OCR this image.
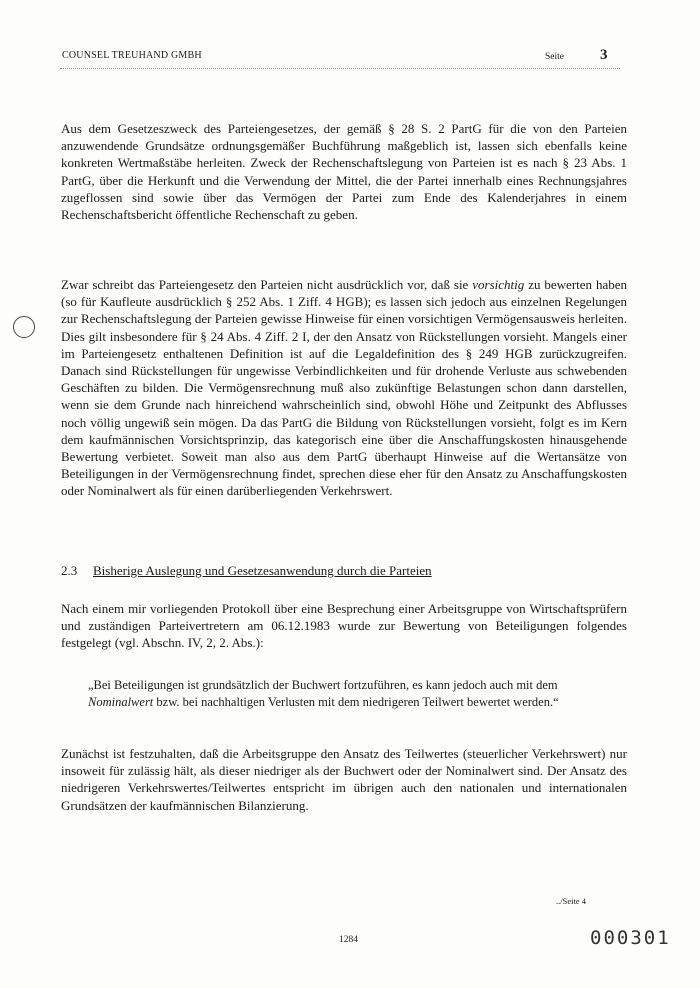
COUNSEL TREUHAND GMBH	Seite 3

Aus dem Gesetzeszweck des Parteiengesetzes, der gemäß § 28 S. 2 PartG für die von den Parteien anzuwendende Grundsätze ordnungsgemäßer Buchführung maßgeblich ist, lassen sich ebenfalls keine konkreten Wertmaßstäbe herleiten. Zweck der Rechenschaftslegung von Parteien ist es nach § 23 Abs. 1 PartG, über die Herkunft und die Verwendung der Mittel, die der Partei innerhalb eines Rechnungsjahres zugeflossen sind sowie über das Vermögen der Partei zum Ende des Kalenderjahres in einem Rechenschaftsbericht öffentliche Rechenschaft zu geben.

Zwar schreibt das Parteiengesetz den Parteien nicht ausdrücklich vor, daß sie vorsichtig zu bewerten haben (so für Kaufleute ausdrücklich § 252 Abs. 1 Ziff. 4 HGB); es lassen sich jedoch aus einzelnen Regelungen zur Rechenschaftslegung der Parteien gewisse Hinweise für einen vorsichtigen Vermögensausweis herleiten. Dies gilt insbesondere für § 24 Abs. 4 Ziff. 2 I, der den Ansatz von Rückstellungen vorsieht. Mangels einer im Parteiengesetz enthaltenen Definition ist auf die Legaldefinition des § 249 HGB zurückzugreifen. Danach sind Rückstellungen für ungewisse Verbindlichkeiten und für drohende Verluste aus schwebenden Geschäften zu bilden. Die Vermögensrechnung muß also zukünftige Belastungen schon dann darstellen, wenn sie dem Grunde nach hinreichend wahrscheinlich sind, obwohl Höhe und Zeitpunkt des Abflusses noch völlig ungewiß sein mögen. Da das PartG die Bildung von Rückstellungen vorsieht, folgt es im Kern dem kaufmännischen Vorsichtsprinzip, das kategorisch eine über die Anschaffungskosten hinausgehende Bewertung verbietet. Soweit man also aus dem PartG überhaupt Hinweise auf die Wertansätze von Beteiligungen in der Vermögensrechnung findet, sprechen diese eher für den Ansatz zu Anschaffungskosten oder Nominalwert als für einen darüberliegenden Verkehrswert.

2.3 Bisherige Auslegung und Gesetzesanwendung durch die Parteien

Nach einem mir vorliegenden Protokoll über eine Besprechung einer Arbeitsgruppe von Wirtschaftsprüfern und zuständigen Parteivertretern am 06.12.1983 wurde zur Bewertung von Beteiligungen folgendes festgelegt (vgl. Abschn. IV, 2, 2. Abs.):

„Bei Beteiligungen ist grundsätzlich der Buchwert fortzuführen, es kann jedoch auch mit dem Nominalwert bzw. bei nachhaltigen Verlusten mit dem niedrigeren Teilwert bewertet werden.“

Zunächst ist festzuhalten, daß die Arbeitsgruppe den Ansatz des Teilwertes (steuerlicher Verkehrswert) nur insoweit für zulässig hält, als dieser niedriger als der Buchwert oder der Nominalwert sind. Der Ansatz des niedrigeren Verkehrswertes/Teilwertes entspricht im übrigen auch den nationalen und internationalen Grundsätzen der kaufmännischen Bilanzierung.

../Seite 4
1284	000301
